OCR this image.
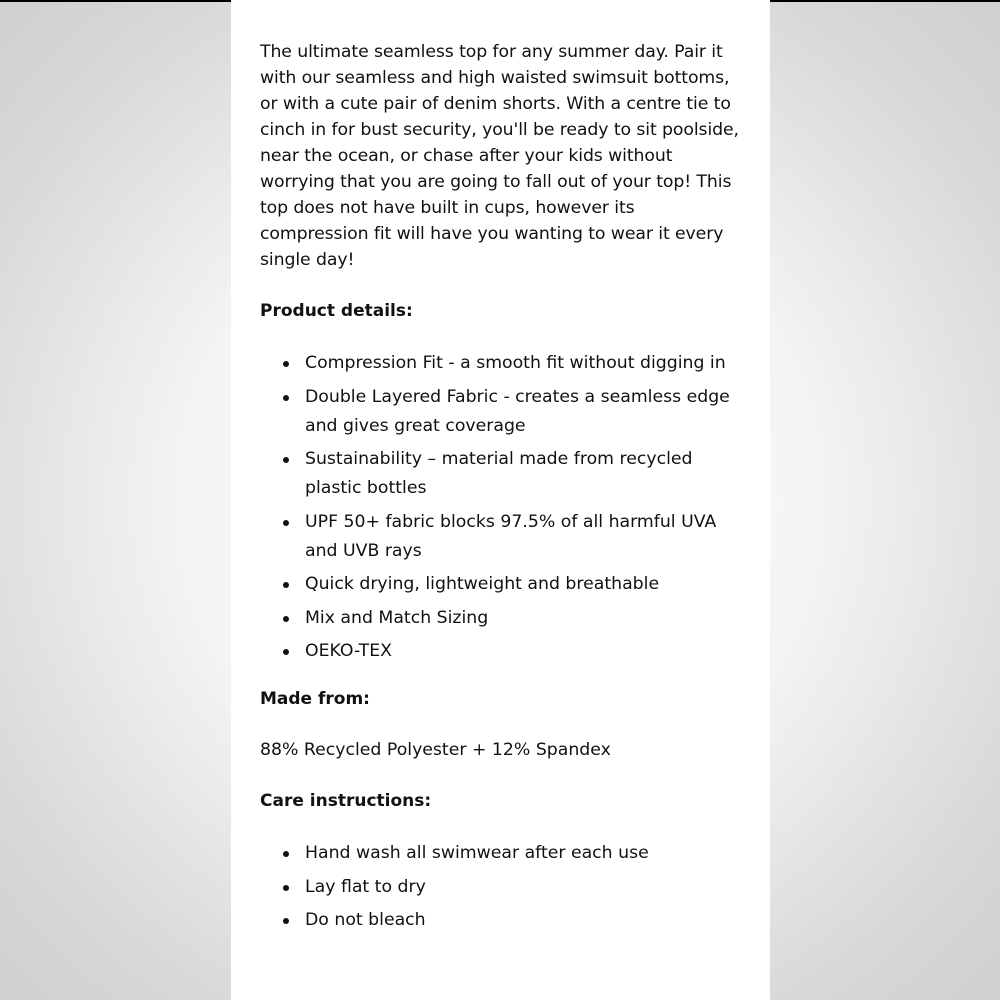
The ultimate seamless top for any summer day. Pair it with our seamless and high waisted swimsuit bottoms, or with a cute pair of denim shorts. With a centre tie to cinch in for bust security, you'll be ready to sit poolside, near the ocean, or chase after your kids without worrying that you are going to fall out of your top! This top does not have built in cups, however its compression fit will have you wanting to wear it every single day!

Product details:
Compression Fit - a smooth fit without digging in
Double Layered Fabric - creates a seamless edge and gives great coverage
Sustainability – material made from recycled plastic bottles
UPF 50+ fabric blocks 97.5% of all harmful UVA and UVB rays
Quick drying, lightweight and breathable
Mix and Match Sizing
OEKO-TEX
Made from:

88% Recycled Polyester + 12% Spandex

Care instructions:
Hand wash all swimwear after each use
Lay flat to dry
Do not bleach
